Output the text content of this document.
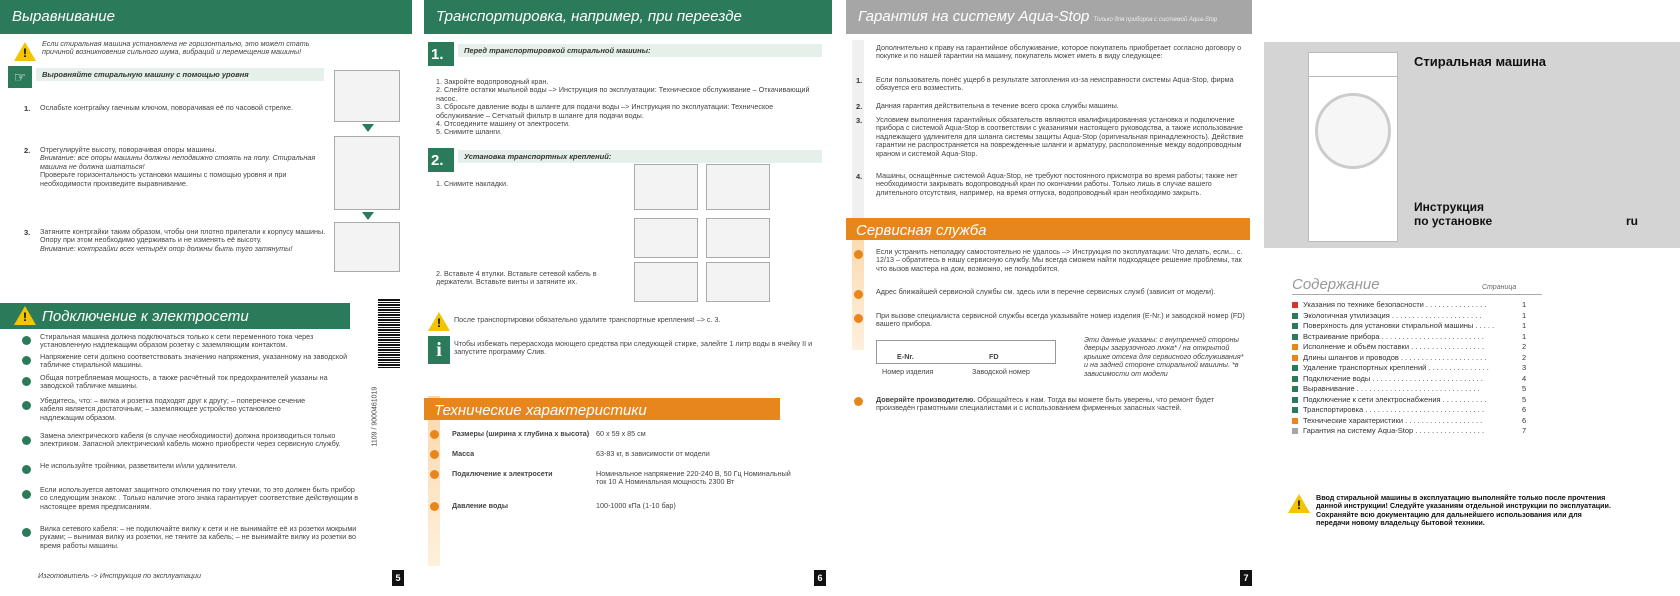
Выравнивание
!
Если стиральная машина установлена не горизонтально, это может стать причиной возникновения сильного шума, вибраций и перемещения машины!
☞	Выровняйте стиральную машину с помощью уровня
1. Ослабьте контргайку гаечным ключом, поворачивая её по часовой стрелке.
2. Отрегулируйте высоту, поворачивая опоры машины.
Внимание: все опоры машины должны неподвижно стоять на полу. Стиральная машина не должна шататься!
Проверьте горизонтальность установки машины с помощью уровня и при необходимости произведите выравнивание.
3. Затяните контргайки таким образом, чтобы они плотно прилегали к корпусу машины.
Опору при этом необходимо удерживать и не изменять её высоту.
Внимание: контргайки всех четырёх опор должны быть туго затянуты!
Подключение к электросети
!
Стиральная машина должна подключаться только к сети переменного тока через установленную надлежащим образом розетку с заземляющим контактом.
Напряжение сети должно соответствовать значению напряжения, указанному на заводской табличке стиральной машины.
Общая потребляемая мощность, а также расчётный ток предохранителей указаны на заводской табличке машины.
Убедитесь, что: – вилка и розетка подходят друг к другу; – поперечное сечение кабеля является достаточным; – заземляющее устройство установлено надлежащим образом.
Замена электрического кабеля (в случае необходимости) должна производиться только электриком. Запасной электрический кабель можно приобрести через сервисную службу.
Не используйте тройники, разветвители и/или удлинители.
Если используется автомат защитного отключения по току утечки, то это должен быть прибор со следующим знаком: . Только наличие этого знака гарантирует соответствие действующим в настоящее время предписаниям.
Вилка сетевого кабеля: – не подключайте вилку к сети и не вынимайте её из розетки мокрыми руками; – вынимая вилку из розетки, не тяните за кабель; – не вынимайте вилку из розетки во время работы машины.
1109 / 9000461019
Изготовитель -> Инструкция по эксплуатации	5
Транспортировка, например, при переезде
1.	Перед транспортировкой стиральной машины:
1. Закройте водопроводный кран.
2. Слейте остатки мыльной воды –> Инструкция по эксплуатации: Техническое обслуживание – Откачивающий насос.
3. Сбросьте давление воды в шланге для подачи воды –> Инструкция по эксплуатации: Техническое обслуживание – Сетчатый фильтр в шланге для подачи воды.
4. Отсоедините машину от электросети.
5. Снимите шланги.
2.	Установка транспортных креплений:
1. Снимите накладки.
2. Вставьте 4 втулки. Вставьте сетевой кабель в держатели. Вставьте винты и затяните их.
!
После транспортировки обязательно удалите транспортные крепления! –> с. 3.
i	Чтобы избежать перерасхода моющего средства при следующей стирке, залейте 1 литр воды в ячейку II и запустите программу Слив.
Технические характеристики
Размеры (ширина x глубина x высота) 60 x 59 x 85 см
Масса	63-83 кг, в зависимости от модели
Подключение к электросети	Номинальное напряжение 220-240 В, 50 Гц Номинальный ток 10 А Номинальная мощность 2300 Вт
Давление воды	100-1000 кПа (1-10 бар)
6
Гарантия на систему Aqua-Stop Только для приборов с системой Aqua-Stop
Дополнительно к праву на гарантийное обслуживание, которое покупатель приобретает согласно договору о покупке и по нашей гарантии на машину, покупатель может иметь в виду следующее:
1. Если пользователь понёс ущерб в результате затопления из-за неисправности системы Aqua-Stop, фирма обязуется его возместить.
2. Данная гарантия действительна в течение всего срока службы машины.
3. Условием выполнения гарантийных обязательств являются квалифицированная установка и подключение прибора с системой Aqua-Stop в соответствии с указаниями настоящего руководства, а также использование надлежащего удлинителя для шланга системы защиты Aqua-Stop (оригинальная принадлежность). Действие гарантии не распространяется на поврежденные шланги и арматуру, расположенные между водопроводным краном и системой Aqua-Stop.
4. Машины, оснащённые системой Aqua-Stop, не требуют постоянного присмотра во время работы; также нет необходимости закрывать водопроводный кран по окончании работы. Только лишь в случае вашего длительного отсутствия, например, на время отпуска, водопроводный кран необходимо закрыть.
Сервисная служба
Если устранить неполадку самостоятельно не удалось –> Инструкция по эксплуатации: Что делать, если... с. 12/13 – обратитесь в нашу сервисную службу. Мы всегда сможем найти подходящее решение проблемы, так что вызов мастера на дом, возможно, не понадобится.
Адрес ближайшей сервисной службы см. здесь или в перечне сервисных служб (зависит от модели).
При вызове специалиста сервисной службы всегда указывайте номер изделия (E-Nr.) и заводской номер (FD) вашего прибора.
E-Nr.	FD
Номер изделия	Заводской номер
Эти данные указаны: с внутренней стороны дверцы загрузочного люка* / на открытой крышке отсека для сервисного обслуживания* и на задней стороне стиральной машины. *в зависимости от модели
Доверяйте производителю. Обращайтесь к нам. Тогда вы можете быть уверены, что ремонт будет произведён грамотными специалистами и с использованием фирменных запасных частей.
7
Стиральная машина
Инструкция
по установке	ru
Содержание	Страница
Указания по технике безопасности . . . . . . . . . . . . . . .	1
Экологичная утилизация . . . . . . . . . . . . . . . . . . . . . .	1
Поверхность для установки стиральной машины . . . . .	1
Встраивание прибора . . . . . . . . . . . . . . . . . . . . . . . . .	1
Исполнение и объём поставки . . . . . . . . . . . . . . . . . .	2
Длины шлангов и проводов . . . . . . . . . . . . . . . . . . . . .	2
Удаление транспортных креплений . . . . . . . . . . . . . . .	3
Подключение воды . . . . . . . . . . . . . . . . . . . . . . . . . . .	4
Выравнивание . . . . . . . . . . . . . . . . . . . . . . . . . . . . . .	5
Подключение к сети электроснабжения . . . . . . . . . . .	5
Транспортировка . . . . . . . . . . . . . . . . . . . . . . . . . . . . .	6
Технические характеристики . . . . . . . . . . . . . . . . . . .	6
Гарантия на систему Aqua-Stop . . . . . . . . . . . . . . . . .	7
!
Ввод стиральной машины в эксплуатацию выполняйте только после прочтения данной инструкции! Следуйте указаниям отдельной инструкции по эксплуатации. Сохраняйте всю документацию для дальнейшего использования или для передачи новому владельцу бытовой техники.
